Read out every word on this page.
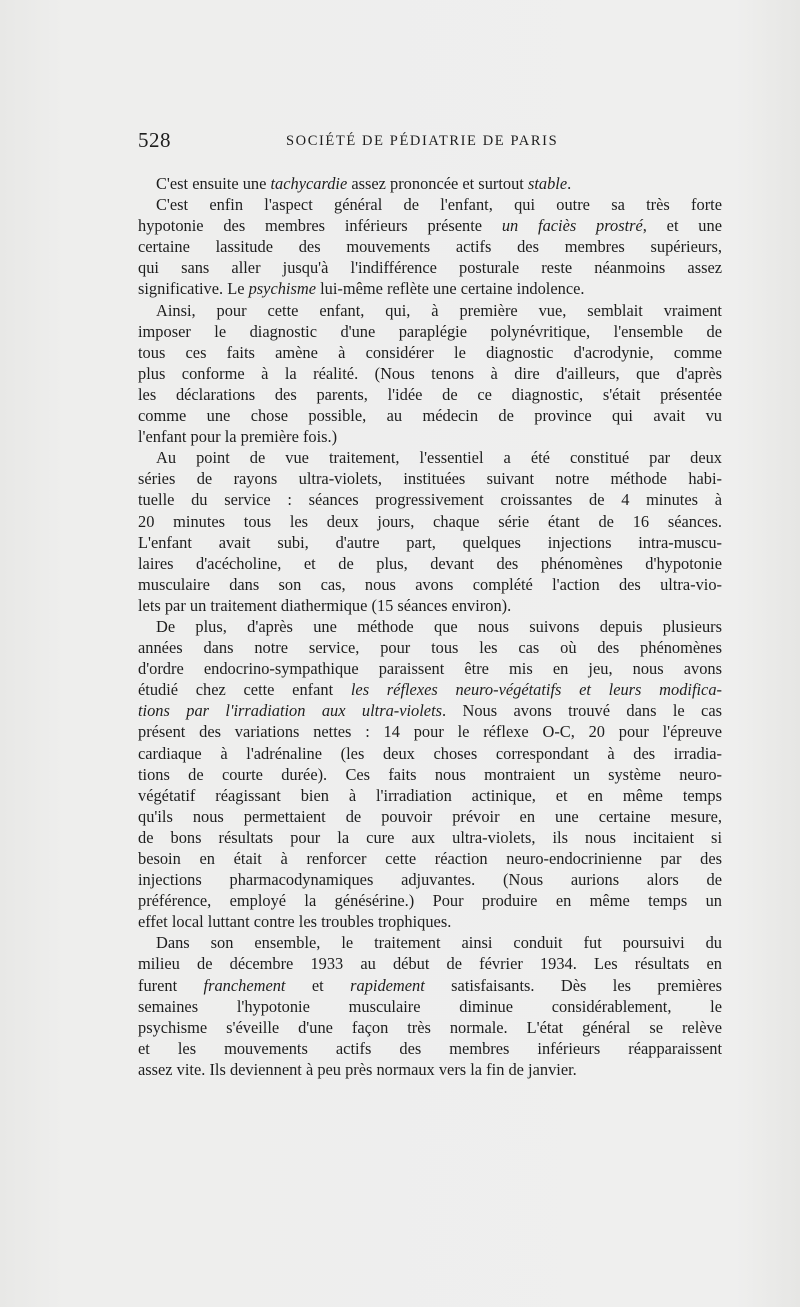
528	SOCIÉTÉ DE PÉDIATRIE DE PARIS
C'est ensuite une tachycardie assez prononcée et surtout stable.
C'est enfin l'aspect général de l'enfant, qui outre sa très forte
hypotonie des membres inférieurs présente un faciès prostré, et une
certaine lassitude des mouvements actifs des membres supérieurs,
qui sans aller jusqu'à l'indifférence posturale reste néanmoins assez
significative. Le psychisme lui-même reflète une certaine indolence.
Ainsi, pour cette enfant, qui, à première vue, semblait vraiment
imposer le diagnostic d'une paraplégie polynévritique, l'ensemble de
tous ces faits amène à considérer le diagnostic d'acrodynie, comme
plus conforme à la réalité. (Nous tenons à dire d'ailleurs, que d'après
les déclarations des parents, l'idée de ce diagnostic, s'était présentée
comme une chose possible, au médecin de province qui avait vu
l'enfant pour la première fois.)
Au point de vue traitement, l'essentiel a été constitué par deux
séries de rayons ultra-violets, instituées suivant notre méthode habi-
tuelle du service : séances progressivement croissantes de 4 minutes à
20 minutes tous les deux jours, chaque série étant de 16 séances.
L'enfant avait subi, d'autre part, quelques injections intra-muscu-
laires d'acécholine, et de plus, devant des phénomènes d'hypotonie
musculaire dans son cas, nous avons complété l'action des ultra-vio-
lets par un traitement diathermique (15 séances environ).
De plus, d'après une méthode que nous suivons depuis plusieurs
années dans notre service, pour tous les cas où des phénomènes
d'ordre endocrino-sympathique paraissent être mis en jeu, nous avons
étudié chez cette enfant les réflexes neuro-végétatifs et leurs modifica-
tions par l'irradiation aux ultra-violets. Nous avons trouvé dans le cas
présent des variations nettes : 14 pour le réflexe O-C, 20 pour l'épreuve
cardiaque à l'adrénaline (les deux choses correspondant à des irradia-
tions de courte durée). Ces faits nous montraient un système neuro-
végétatif réagissant bien à l'irradiation actinique, et en même temps
qu'ils nous permettaient de pouvoir prévoir en une certaine mesure,
de bons résultats pour la cure aux ultra-violets, ils nous incitaient si
besoin en était à renforcer cette réaction neuro-endocrinienne par des
injections pharmacodynamiques adjuvantes. (Nous aurions alors de
préférence, employé la génésérine.) Pour produire en même temps un
effet local luttant contre les troubles trophiques.
Dans son ensemble, le traitement ainsi conduit fut poursuivi du
milieu de décembre 1933 au début de février 1934. Les résultats en
furent franchement et rapidement satisfaisants. Dès les premières
semaines l'hypotonie musculaire diminue considérablement, le
psychisme s'éveille d'une façon très normale. L'état général se relève
et les mouvements actifs des membres inférieurs réapparaissent
assez vite. Ils deviennent à peu près normaux vers la fin de janvier.
